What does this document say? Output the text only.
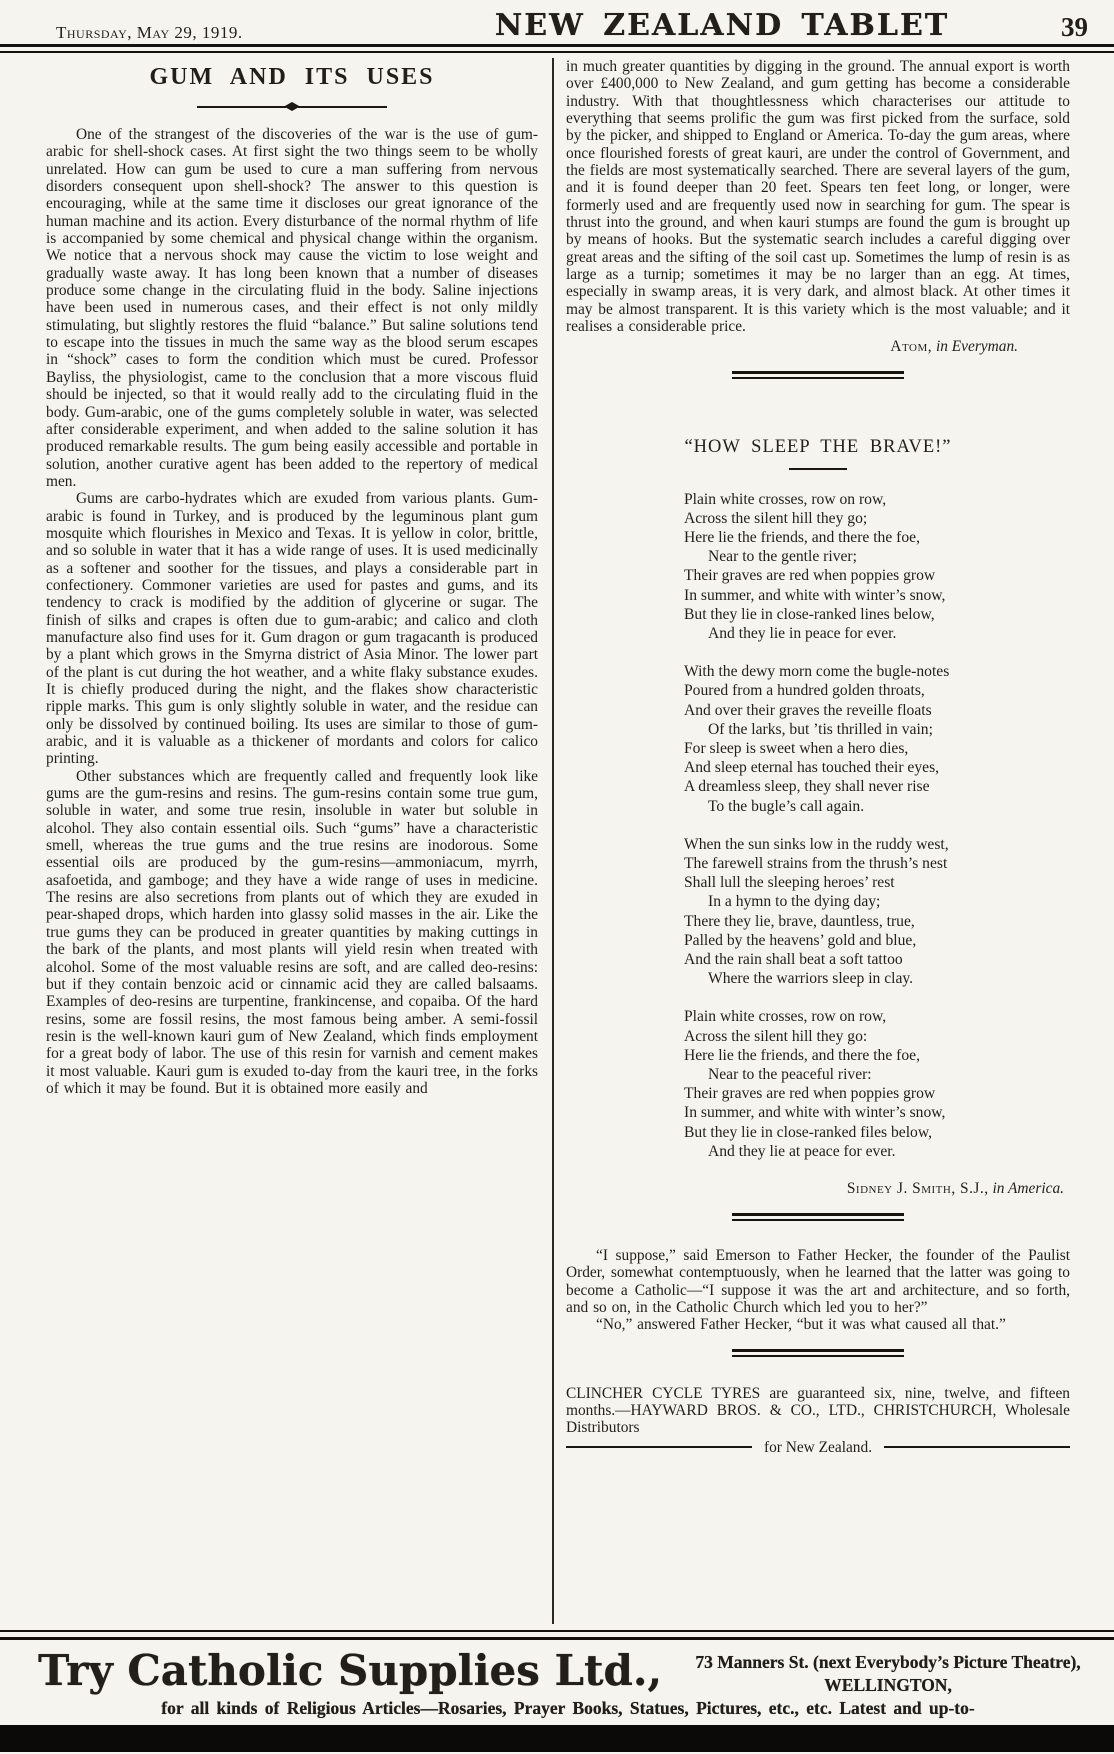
Thursday, May 29, 1919.	NEW ZEALAND TABLET	39
GUM AND ITS USES

One of the strangest of the discoveries of the war is the use of gum-arabic for shell-shock cases. At first sight the two things seem to be wholly unrelated. How can gum be used to cure a man suffering from nervous disorders consequent upon shell-shock? The answer to this question is encouraging, while at the same time it discloses our great ignorance of the human machine and its action. Every disturbance of the normal rhythm of life is accompanied by some chemical and physical change within the organism. We notice that a nervous shock may cause the victim to lose weight and gradually waste away. It has long been known that a number of diseases produce some change in the circulating fluid in the body. Saline injections have been used in numerous cases, and their effect is not only mildly stimulating, but slightly restores the fluid “balance.” But saline solutions tend to escape into the tissues in much the same way as the blood serum escapes in “shock” cases to form the condition which must be cured. Professor Bayliss, the physiologist, came to the conclusion that a more viscous fluid should be injected, so that it would really add to the circulating fluid in the body. Gum-arabic, one of the gums completely soluble in water, was selected after considerable experiment, and when added to the saline solution it has produced remarkable results. The gum being easily accessible and portable in solution, another curative agent has been added to the repertory of medical men.

Gums are carbo-hydrates which are exuded from various plants. Gum-arabic is found in Turkey, and is produced by the leguminous plant gum mosquite which flourishes in Mexico and Texas. It is yellow in color, brittle, and so soluble in water that it has a wide range of uses. It is used medicinally as a softener and soother for the tissues, and plays a considerable part in confectionery. Commoner varieties are used for pastes and gums, and its tendency to crack is modified by the addition of glycerine or sugar. The finish of silks and crapes is often due to gum-arabic; and calico and cloth manufacture also find uses for it. Gum dragon or gum tragacanth is produced by a plant which grows in the Smyrna district of Asia Minor. The lower part of the plant is cut during the hot weather, and a white flaky substance exudes. It is chiefly produced during the night, and the flakes show characteristic ripple marks. This gum is only slightly soluble in water, and the residue can only be dissolved by continued boiling. Its uses are similar to those of gum-arabic, and it is valuable as a thickener of mordants and colors for calico printing.

Other substances which are frequently called and frequently look like gums are the gum-resins and resins. The gum-resins contain some true gum, soluble in water, and some true resin, insoluble in water but soluble in alcohol. They also contain essential oils. Such “gums” have a characteristic smell, whereas the true gums and the true resins are inodorous. Some essential oils are produced by the gum-resins—ammoniacum, myrrh, asafoetida, and gamboge; and they have a wide range of uses in medicine. The resins are also secretions from plants out of which they are exuded in pear-shaped drops, which harden into glassy solid masses in the air. Like the true gums they can be produced in greater quantities by making cuttings in the bark of the plants, and most plants will yield resin when treated with alcohol. Some of the most valuable resins are soft, and are called deo-resins: but if they contain benzoic acid or cinnamic acid they are called balsaams. Examples of deo-resins are turpentine, frankincense, and copaiba. Of the hard resins, some are fossil resins, the most famous being amber. A semi-fossil resin is the well-known kauri gum of New Zealand, which finds employment for a great body of labor. The use of this resin for varnish and cement makes it most valuable. Kauri gum is exuded to-day from the kauri tree, in the forks of which it may be found. But it is obtained more easily and

in much greater quantities by digging in the ground. The annual export is worth over £400,000 to New Zealand, and gum getting has become a considerable industry. With that thoughtlessness which characterises our attitude to everything that seems prolific the gum was first picked from the surface, sold by the picker, and shipped to England or America. To-day the gum areas, where once flourished forests of great kauri, are under the control of Government, and the fields are most systematically searched. There are several layers of the gum, and it is found deeper than 20 feet. Spears ten feet long, or longer, were formerly used and are frequently used now in searching for gum. The spear is thrust into the ground, and when kauri stumps are found the gum is brought up by means of hooks. But the systematic search includes a careful digging over great areas and the sifting of the soil cast up. Sometimes the lump of resin is as large as a turnip; sometimes it may be no larger than an egg. At times, especially in swamp areas, it is very dark, and almost black. At other times it may be almost transparent. It is this variety which is the most valuable; and it realises a considerable price.

Atom, in Everyman.
“HOW SLEEP THE BRAVE!”
Plain white crosses, row on row,
Across the silent hill they go;
Here lie the friends, and there the foe,
Near to the gentle river;
Their graves are red when poppies grow
In summer, and white with winter’s snow,
But they lie in close-ranked lines below,
And they lie in peace for ever.
With the dewy morn come the bugle-notes
Poured from a hundred golden throats,
And over their graves the reveille floats
Of the larks, but ’tis thrilled in vain;
For sleep is sweet when a hero dies,
And sleep eternal has touched their eyes,
A dreamless sleep, they shall never rise
To the bugle’s call again.
When the sun sinks low in the ruddy west,
The farewell strains from the thrush’s nest
Shall lull the sleeping heroes’ rest
In a hymn to the dying day;
There they lie, brave, dauntless, true,
Palled by the heavens’ gold and blue,
And the rain shall beat a soft tattoo
Where the warriors sleep in clay.
Plain white crosses, row on row,
Across the silent hill they go:
Here lie the friends, and there the foe,
Near to the peaceful river:
Their graves are red when poppies grow
In summer, and white with winter’s snow,
But they lie in close-ranked files below,
And they lie at peace for ever.
Sidney J. Smith, S.J., in America.

“I suppose,” said Emerson to Father Hecker, the founder of the Paulist Order, somewhat contemptuously, when he learned that the latter was going to become a Catholic—“I suppose it was the art and architecture, and so forth, and so on, in the Catholic Church which led you to her?”

“No,” answered Father Hecker, “but it was what caused all that.”

CLINCHER CYCLE TYRES are guaranteed six, nine, twelve, and fifteen months.—HAYWARD BROS. & CO., LTD., CHRISTCHURCH, Wholesale Distributors

for New Zealand.
Try Catholic Supplies Ltd.,	73 Manners St. (next Everybody’s Picture Theatre),
WELLINGTON,
for all kinds of Religious Articles—Rosaries, Prayer Books, Statues, Pictures, etc., etc. Latest and up-to-
